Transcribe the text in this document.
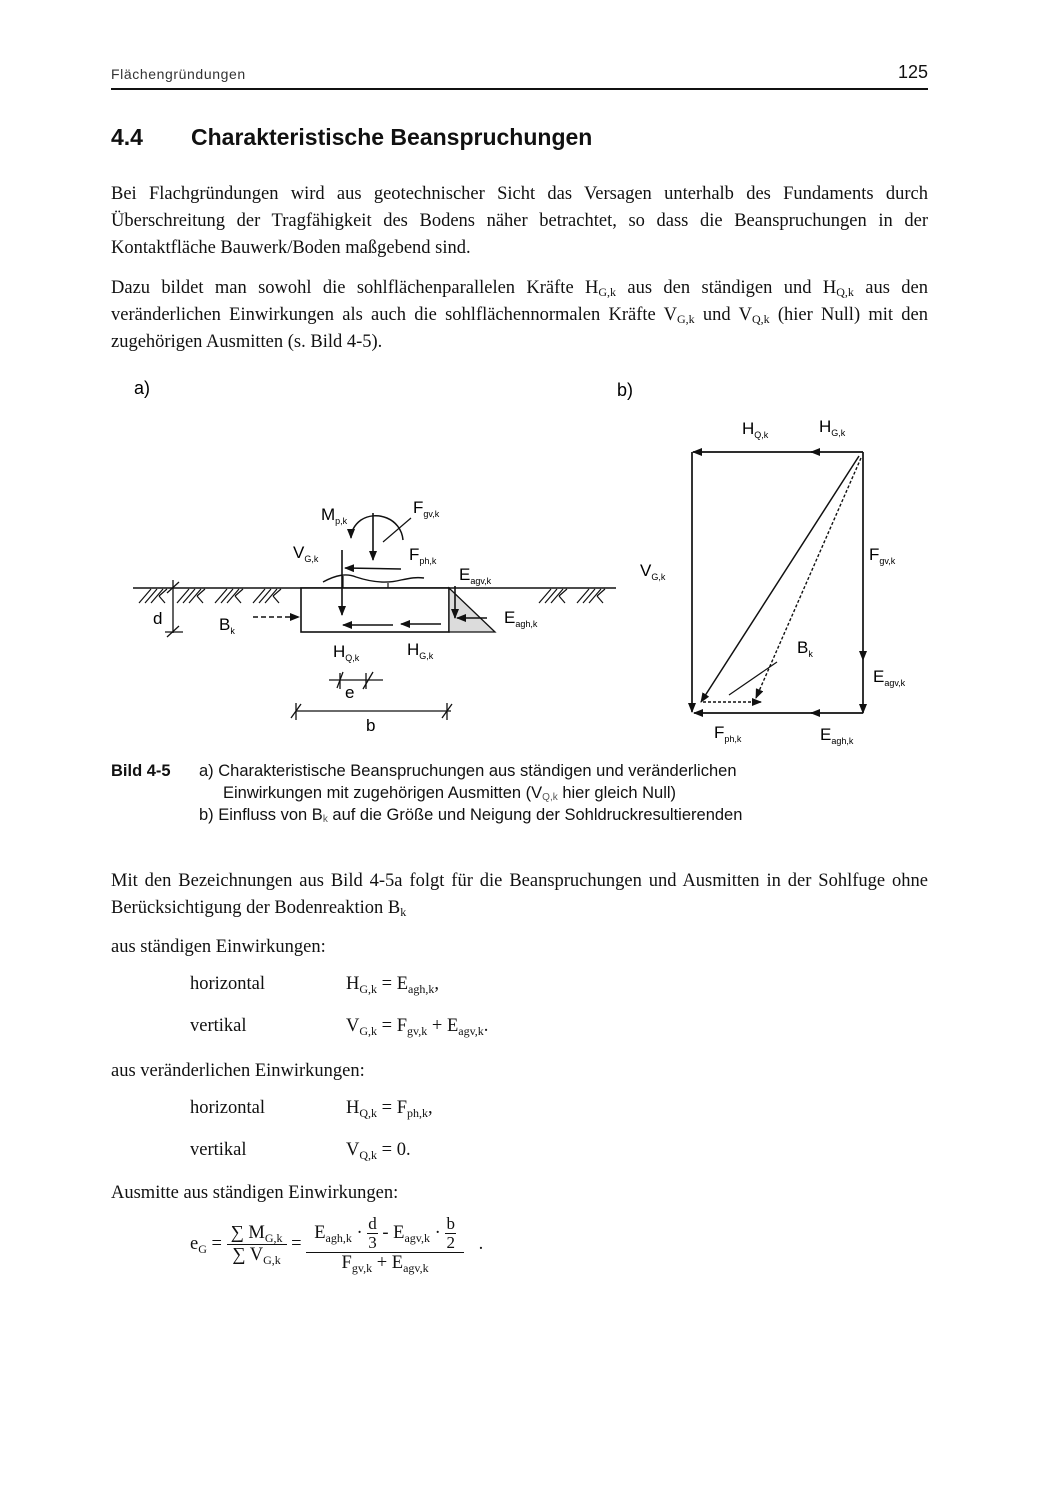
Flächengründungen	125
4.4 Charakteristische Beanspruchungen
Bei Flachgründungen wird aus geotechnischer Sicht das Versagen unterhalb des Fundaments durch Überschreitung der Tragfähigkeit des Bodens näher betrachtet, so dass die Beanspruchungen in der Kontaktfläche Bauwerk/Boden maßgebend sind.
Dazu bildet man sowohl die sohlflächenparallelen Kräfte $H_{G,k}$ aus den ständigen und $H_{Q,k}$ aus den veränderlichen Einwirkungen als auch die sohlflächennormalen Kräfte $V_{G,k}$ und $V_{Q,k}$ (hier Null) mit den zugehörigen Ausmitten (s. Bild 4-5).
a)
d	$B_k$
$V_{G,k}$
$F_{gv,k}$
$M_{p,k}$
$F_{ph,k}$
$H_{Q,k}$	$H_{G,k}$
$E_{agv,k}$
$E_{agh,k}$
e
b
b)
$H_{Q,k}$	$H_{G,k}$
$V_{G,k}$
$F_{gv,k}$
$B_k$
$E_{agv,k}$
$F_{ph,k}$	$E_{agh,k}$
Bild 4-5 a) Charakteristische Beanspruchungen aus ständigen und veränderlichen
Einwirkungen mit zugehörigen Ausmitten ($V_{Q,k}$ hier gleich Null)
b) Einfluss von $B_k$ auf die Größe und Neigung der Sohldruckresultierenden
Mit den Bezeichnungen aus Bild 4-5a folgt für die Beanspruchungen und Ausmitten in der Sohlfuge ohne Berücksichtigung der Bodenreaktion $B_k$
aus ständigen Einwirkungen:
horizontal	$H_{G,k} = E_{agh,k}$,
vertikal	$V_{G,k} = F_{gv,k} + E_{agv,k}$.
aus veränderlichen Einwirkungen:
horizontal	$H_{Q,k} = F_{ph,k}$,
vertikal	$V_{Q,k} = 0$.
Ausmitte aus ständigen Einwirkungen:
$e_G = \frac{\sum M_{G,k}}{\sum V_{G,k}} = \frac{E_{agh,k} \cdot \frac{d}{3} - E_{agv,k} \cdot \frac{b}{2}}{F_{gv,k} + E_{agv,k}}$ .
